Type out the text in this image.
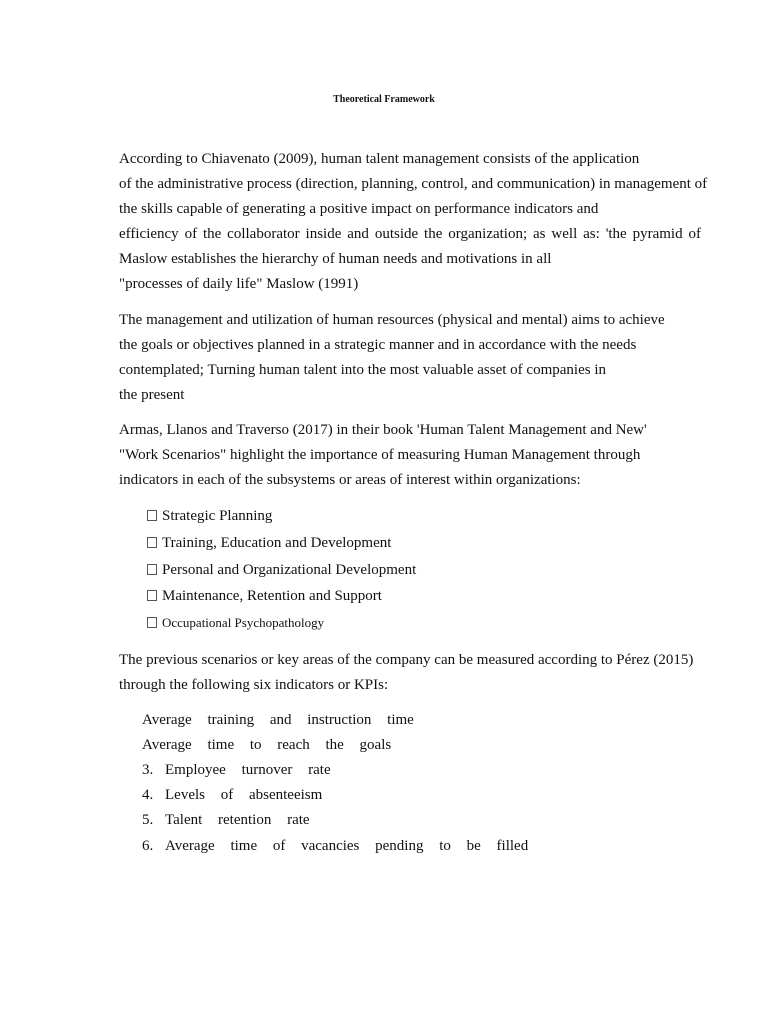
Theoretical Framework
According to Chiavenato (2009), human talent management consists of the application
of the administrative process (direction, planning, control, and communication) in management of
the skills capable of generating a positive impact on performance indicators and
efficiency of the collaborator inside and outside the organization; as well as: 'the pyramid of
Maslow establishes the hierarchy of human needs and motivations in all
"processes of daily life" Maslow (1991)
The management and utilization of human resources (physical and mental) aims to achieve
the goals or objectives planned in a strategic manner and in accordance with the needs
contemplated; Turning human talent into the most valuable asset of companies in
the present
Armas, Llanos and Traverso (2017) in their book 'Human Talent Management and New'
"Work Scenarios" highlight the importance of measuring Human Management through
indicators in each of the subsystems or areas of interest within organizations:
Strategic Planning
Training, Education and Development
Personal and Organizational Development
Maintenance, Retention and Support
Occupational Psychopathology
The previous scenarios or key areas of the company can be measured according to Pérez (2015)
through the following six indicators or KPIs:
Average training and instruction time
Average time to reach the goals
3. Employee turnover rate
4. Levels of absenteeism
5. Talent retention rate
6. Average time of vacancies pending to be filled
